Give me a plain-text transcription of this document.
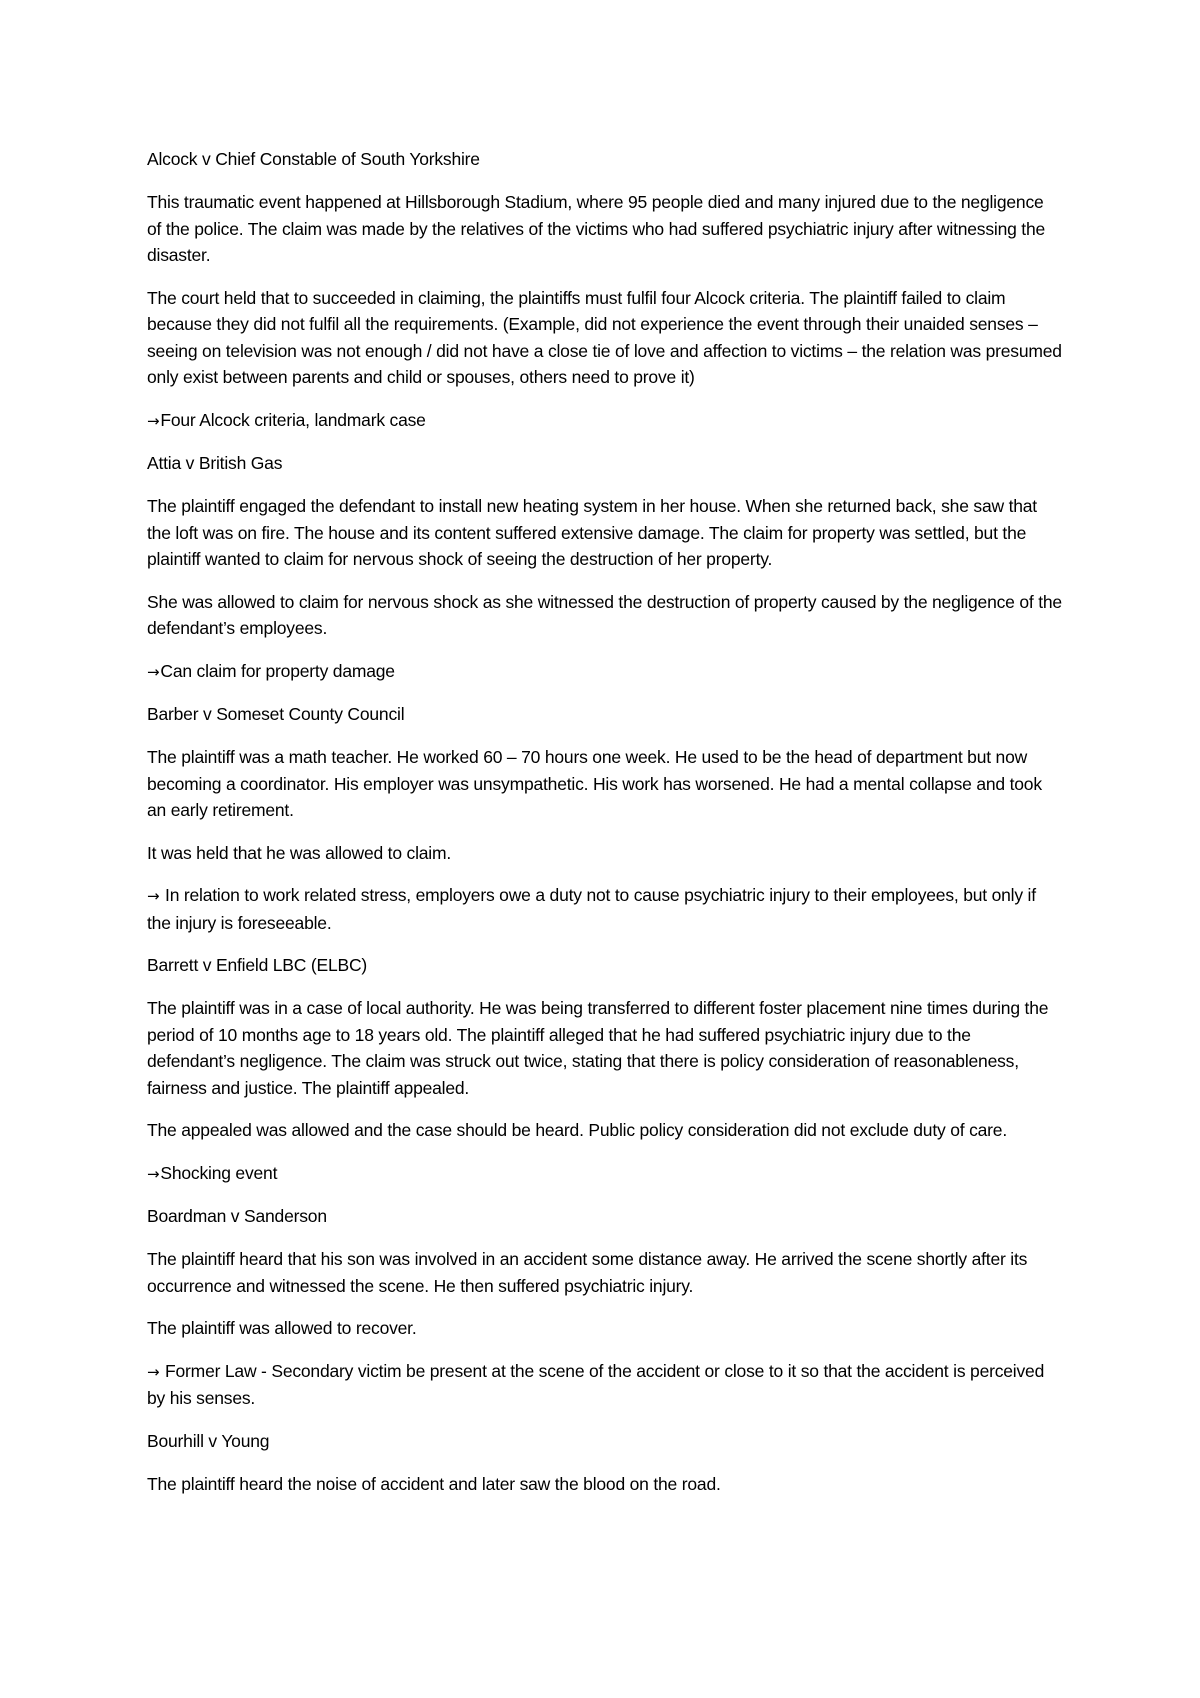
Alcock v Chief Constable of South Yorkshire

This traumatic event happened at Hillsborough Stadium, where 95 people died and many injured due to the negligence of the police. The claim was made by the relatives of the victims who had suffered psychiatric injury after witnessing the disaster.

The court held that to succeeded in claiming, the plaintiffs must fulfil four Alcock criteria. The plaintiff failed to claim because they did not fulfil all the requirements. (Example, did not experience the event through their unaided senses – seeing on television was not enough / did not have a close tie of love and affection to victims – the relation was presumed only exist between parents and child or spouses, others need to prove it)

→Four Alcock criteria, landmark case

Attia v British Gas

The plaintiff engaged the defendant to install new heating system in her house. When she returned back, she saw that the loft was on fire. The house and its content suffered extensive damage. The claim for property was settled, but the plaintiff wanted to claim for nervous shock of seeing the destruction of her property.

She was allowed to claim for nervous shock as she witnessed the destruction of property caused by the negligence of the defendant’s employees.

→Can claim for property damage

Barber v Someset County Council

The plaintiff was a math teacher. He worked 60 – 70 hours one week. He used to be the head of department but now becoming a coordinator. His employer was unsympathetic. His work has worsened. He had a mental collapse and took an early retirement.

It was held that he was allowed to claim.

→ In relation to work related stress, employers owe a duty not to cause psychiatric injury to their employees, but only if the injury is foreseeable.

Barrett v Enfield LBC (ELBC)

The plaintiff was in a case of local authority. He was being transferred to different foster placement nine times during the period of 10 months age to 18 years old. The plaintiff alleged that he had suffered psychiatric injury due to the defendant’s negligence. The claim was struck out twice, stating that there is policy consideration of reasonableness, fairness and justice. The plaintiff appealed.

The appealed was allowed and the case should be heard. Public policy consideration did not exclude duty of care.

→Shocking event

Boardman v Sanderson

The plaintiff heard that his son was involved in an accident some distance away. He arrived the scene shortly after its occurrence and witnessed the scene. He then suffered psychiatric injury.

The plaintiff was allowed to recover.

→ Former Law - Secondary victim be present at the scene of the accident or close to it so that the accident is perceived by his senses.

Bourhill v Young

The plaintiff heard the noise of accident and later saw the blood on the road.
